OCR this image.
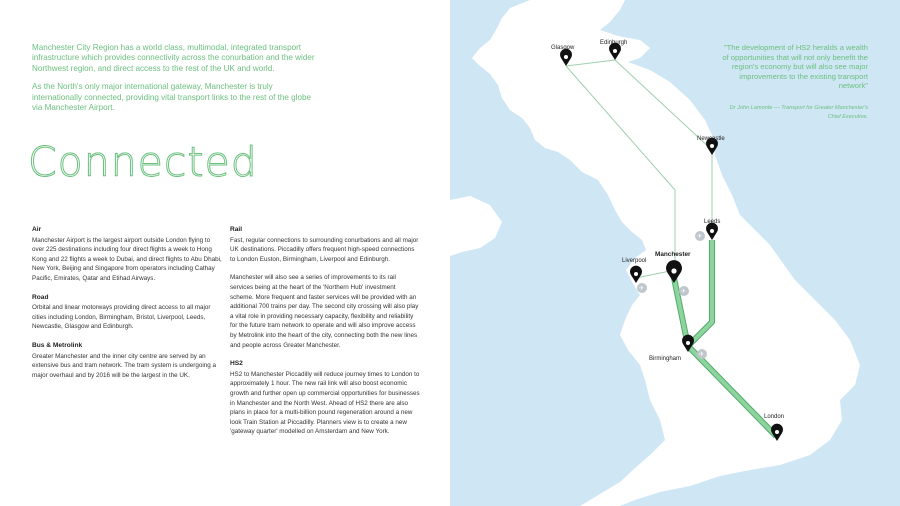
Manchester City Region has a world class, multimodal, integrated transport infrastructure which provides connectivity across the conurbation and the wider Northwest region, and direct access to the rest of the UK and world.

As the North's only major international gateway, Manchester is truly internationally connected, providing vital transport links to the rest of the globe via Manchester Airport.

Connected
Air
Manchester Airport is the largest airport outside London flying to over 225 destinations including four direct flights a week to Hong Kong and 22 flights a week to Dubai, and direct flights to Abu Dhabi, New York, Beijing and Singapore from operators including Cathay Pacific, Emirates, Qatar and Etihad Airways.
Road
Orbital and linear motorways providing direct access to all major cities including London, Birmingham, Bristol, Liverpool, Leeds, Newcastle, Glasgow and Edinburgh.
Bus & Metrolink
Greater Manchester and the inner city centre are served by an extensive bus and tram network. The tram system is undergoing a major overhaul and by 2016 will be the largest in the UK.
Rail
Fast, regular connections to surrounding conurbations and all major UK destinations. Piccadilly offers frequent high-speed connections to London Euston, Birmingham, Liverpool and Edinburgh.
Manchester will also see a series of improvements to its rail services being at the heart of the 'Northern Hub' investment scheme. More frequent and faster services will be provided with an additional 700 trains per day. The second city crossing will also play a vital role in providing necessary capacity, flexibility and reliability for the future tram network to operate and will also improve access by Metrolink into the heart of the city, connecting both the new lines and people across Greater Manchester.
HS2
HS2 to Manchester Piccadilly will reduce journey times to London to approximately 1 hour. The new rail link will also boost economic growth and further open up commercial opportunities for businesses in Manchester and the North West. Ahead of HS2 there are also plans in place for a multi-billion pound regeneration around a new look Train Station at Piccadilly. Planners view is to create a new 'gateway quarter' modelled on Amsterdam and New York.
HIGH SPEED NETWORK
✈
✈	✈
✈
Glasgow
Edinburgh
Newcastle
Leeds
Manchester
Liverpool
Birmingham
London
"The development of HS2 heralds a wealth of opportunities that will not only benefit the region's economy but will also see major improvements to the existing transport network"
Dr John Lamonte — Transport for Greater Manchester's Chief Executive.
